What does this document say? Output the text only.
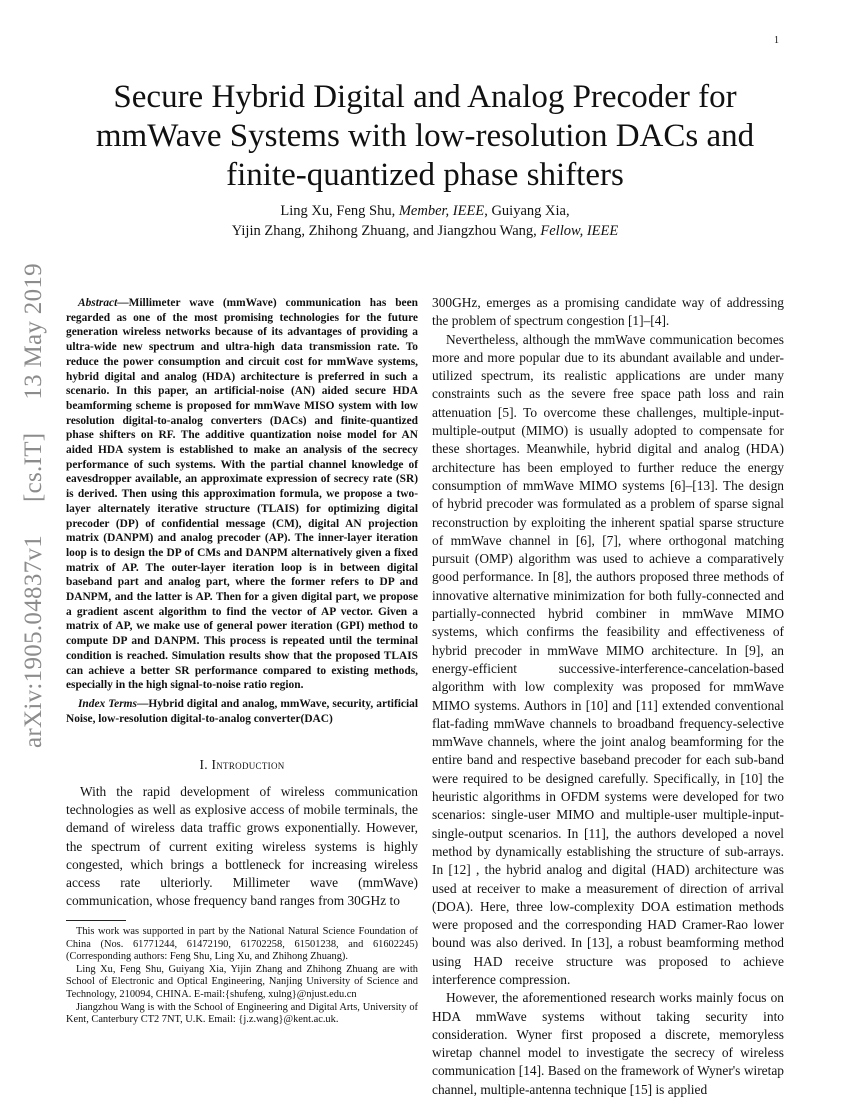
1
arXiv:1905.04837v1
[cs.IT]
13 May 2019
Secure Hybrid Digital and Analog Precoder for mmWave Systems with low-resolution DACs and finite-quantized phase shifters
Ling Xu, Feng Shu, Member, IEEE, Guiyang Xia,
Yijin Zhang, Zhihong Zhuang, and Jiangzhou Wang, Fellow, IEEE

Abstract—Millimeter wave (mmWave) communication has been regarded as one of the most promising technologies for the future generation wireless networks because of its advantages of providing a ultra-wide new spectrum and ultra-high data transmission rate. To reduce the power consumption and circuit cost for mmWave systems, hybrid digital and analog (HDA) architecture is preferred in such a scenario. In this paper, an artificial-noise (AN) aided secure HDA beamforming scheme is proposed for mmWave MISO system with low resolution digital-to-analog converters (DACs) and finite-quantized phase shifters on RF. The additive quantization noise model for AN aided HDA system is established to make an analysis of the secrecy performance of such systems. With the partial channel knowledge of eavesdropper available, an approximate expression of secrecy rate (SR) is derived. Then using this approximation formula, we propose a two-layer alternately iterative structure (TLAIS) for optimizing digital precoder (DP) of confidential message (CM), digital AN projection matrix (DANPM) and analog precoder (AP). The inner-layer iteration loop is to design the DP of CMs and DANPM alternatively given a fixed matrix of AP. The outer-layer iteration loop is in between digital baseband part and analog part, where the former refers to DP and DANPM, and the latter is AP. Then for a given digital part, we propose a gradient ascent algorithm to find the vector of AP vector. Given a matrix of AP, we make use of general power iteration (GPI) method to compute DP and DANPM. This process is repeated until the terminal condition is reached. Simulation results show that the proposed TLAIS can achieve a better SR performance compared to existing methods, especially in the high signal-to-noise ratio region.

Index Terms—Hybrid digital and analog, mmWave, security, artificial Noise, low-resolution digital-to-analog converter(DAC)

I. Introduction

With the rapid development of wireless communication technologies as well as explosive access of mobile terminals, the demand of wireless data traffic grows exponentially. However, the spectrum of current exiting wireless systems is highly congested, which brings a bottleneck for increasing wireless access rate ulteriorly. Millimeter wave (mmWave) communication, whose frequency band ranges from 30GHz to

This work was supported in part by the National Natural Science Foundation of China (Nos. 61771244, 61472190, 61702258, 61501238, and 61602245)(Corresponding authors: Feng Shu, Ling Xu, and Zhihong Zhuang).

Ling Xu, Feng Shu, Guiyang Xia, Yijin Zhang and Zhihong Zhuang are with School of Electronic and Optical Engineering, Nanjing University of Science and Technology, 210094, CHINA. E-mail:{shufeng, xulng}@njust.edu.cn

Jiangzhou Wang is with the School of Engineering and Digital Arts, University of Kent, Canterbury CT2 7NT, U.K. Email: {j.z.wang}@kent.ac.uk.

300GHz, emerges as a promising candidate way of addressing the problem of spectrum congestion [1]–[4].

Nevertheless, although the mmWave communication becomes more and more popular due to its abundant available and under-utilized spectrum, its realistic applications are under many constraints such as the severe free space path loss and rain attenuation [5]. To overcome these challenges, multiple-input-multiple-output (MIMO) is usually adopted to compensate for these shortages. Meanwhile, hybrid digital and analog (HDA) architecture has been employed to further reduce the energy consumption of mmWave MIMO systems [6]–[13]. The design of hybrid precoder was formulated as a problem of sparse signal reconstruction by exploiting the inherent spatial sparse structure of mmWave channel in [6], [7], where orthogonal matching pursuit (OMP) algorithm was used to achieve a comparatively good performance. In [8], the authors proposed three methods of innovative alternative minimization for both fully-connected and partially-connected hybrid combiner in mmWave MIMO systems, which confirms the feasibility and effectiveness of hybrid precoder in mmWave MIMO architecture. In [9], an energy-efficient successive-interference-cancelation-based algorithm with low complexity was proposed for mmWave MIMO systems. Authors in [10] and [11] extended conventional flat-fading mmWave channels to broadband frequency-selective mmWave channels, where the joint analog beamforming for the entire band and respective baseband precoder for each sub-band were required to be designed carefully. Specifically, in [10] the heuristic algorithms in OFDM systems were developed for two scenarios: single-user MIMO and multiple-user multiple-input-single-output scenarios. In [11], the authors developed a novel method by dynamically establishing the structure of sub-arrays. In [12] , the hybrid analog and digital (HAD) architecture was used at receiver to make a measurement of direction of arrival (DOA). Here, three low-complexity DOA estimation methods were proposed and the corresponding HAD Cramer-Rao lower bound was also derived. In [13], a robust beamforming method using HAD receive structure was proposed to achieve interference compression.

However, the aforementioned research works mainly focus on HDA mmWave systems without taking security into consideration. Wyner first proposed a discrete, memoryless wiretap channel model to investigate the secrecy of wireless communication [14]. Based on the framework of Wyner's wiretap channel, multiple-antenna technique [15] is applied
